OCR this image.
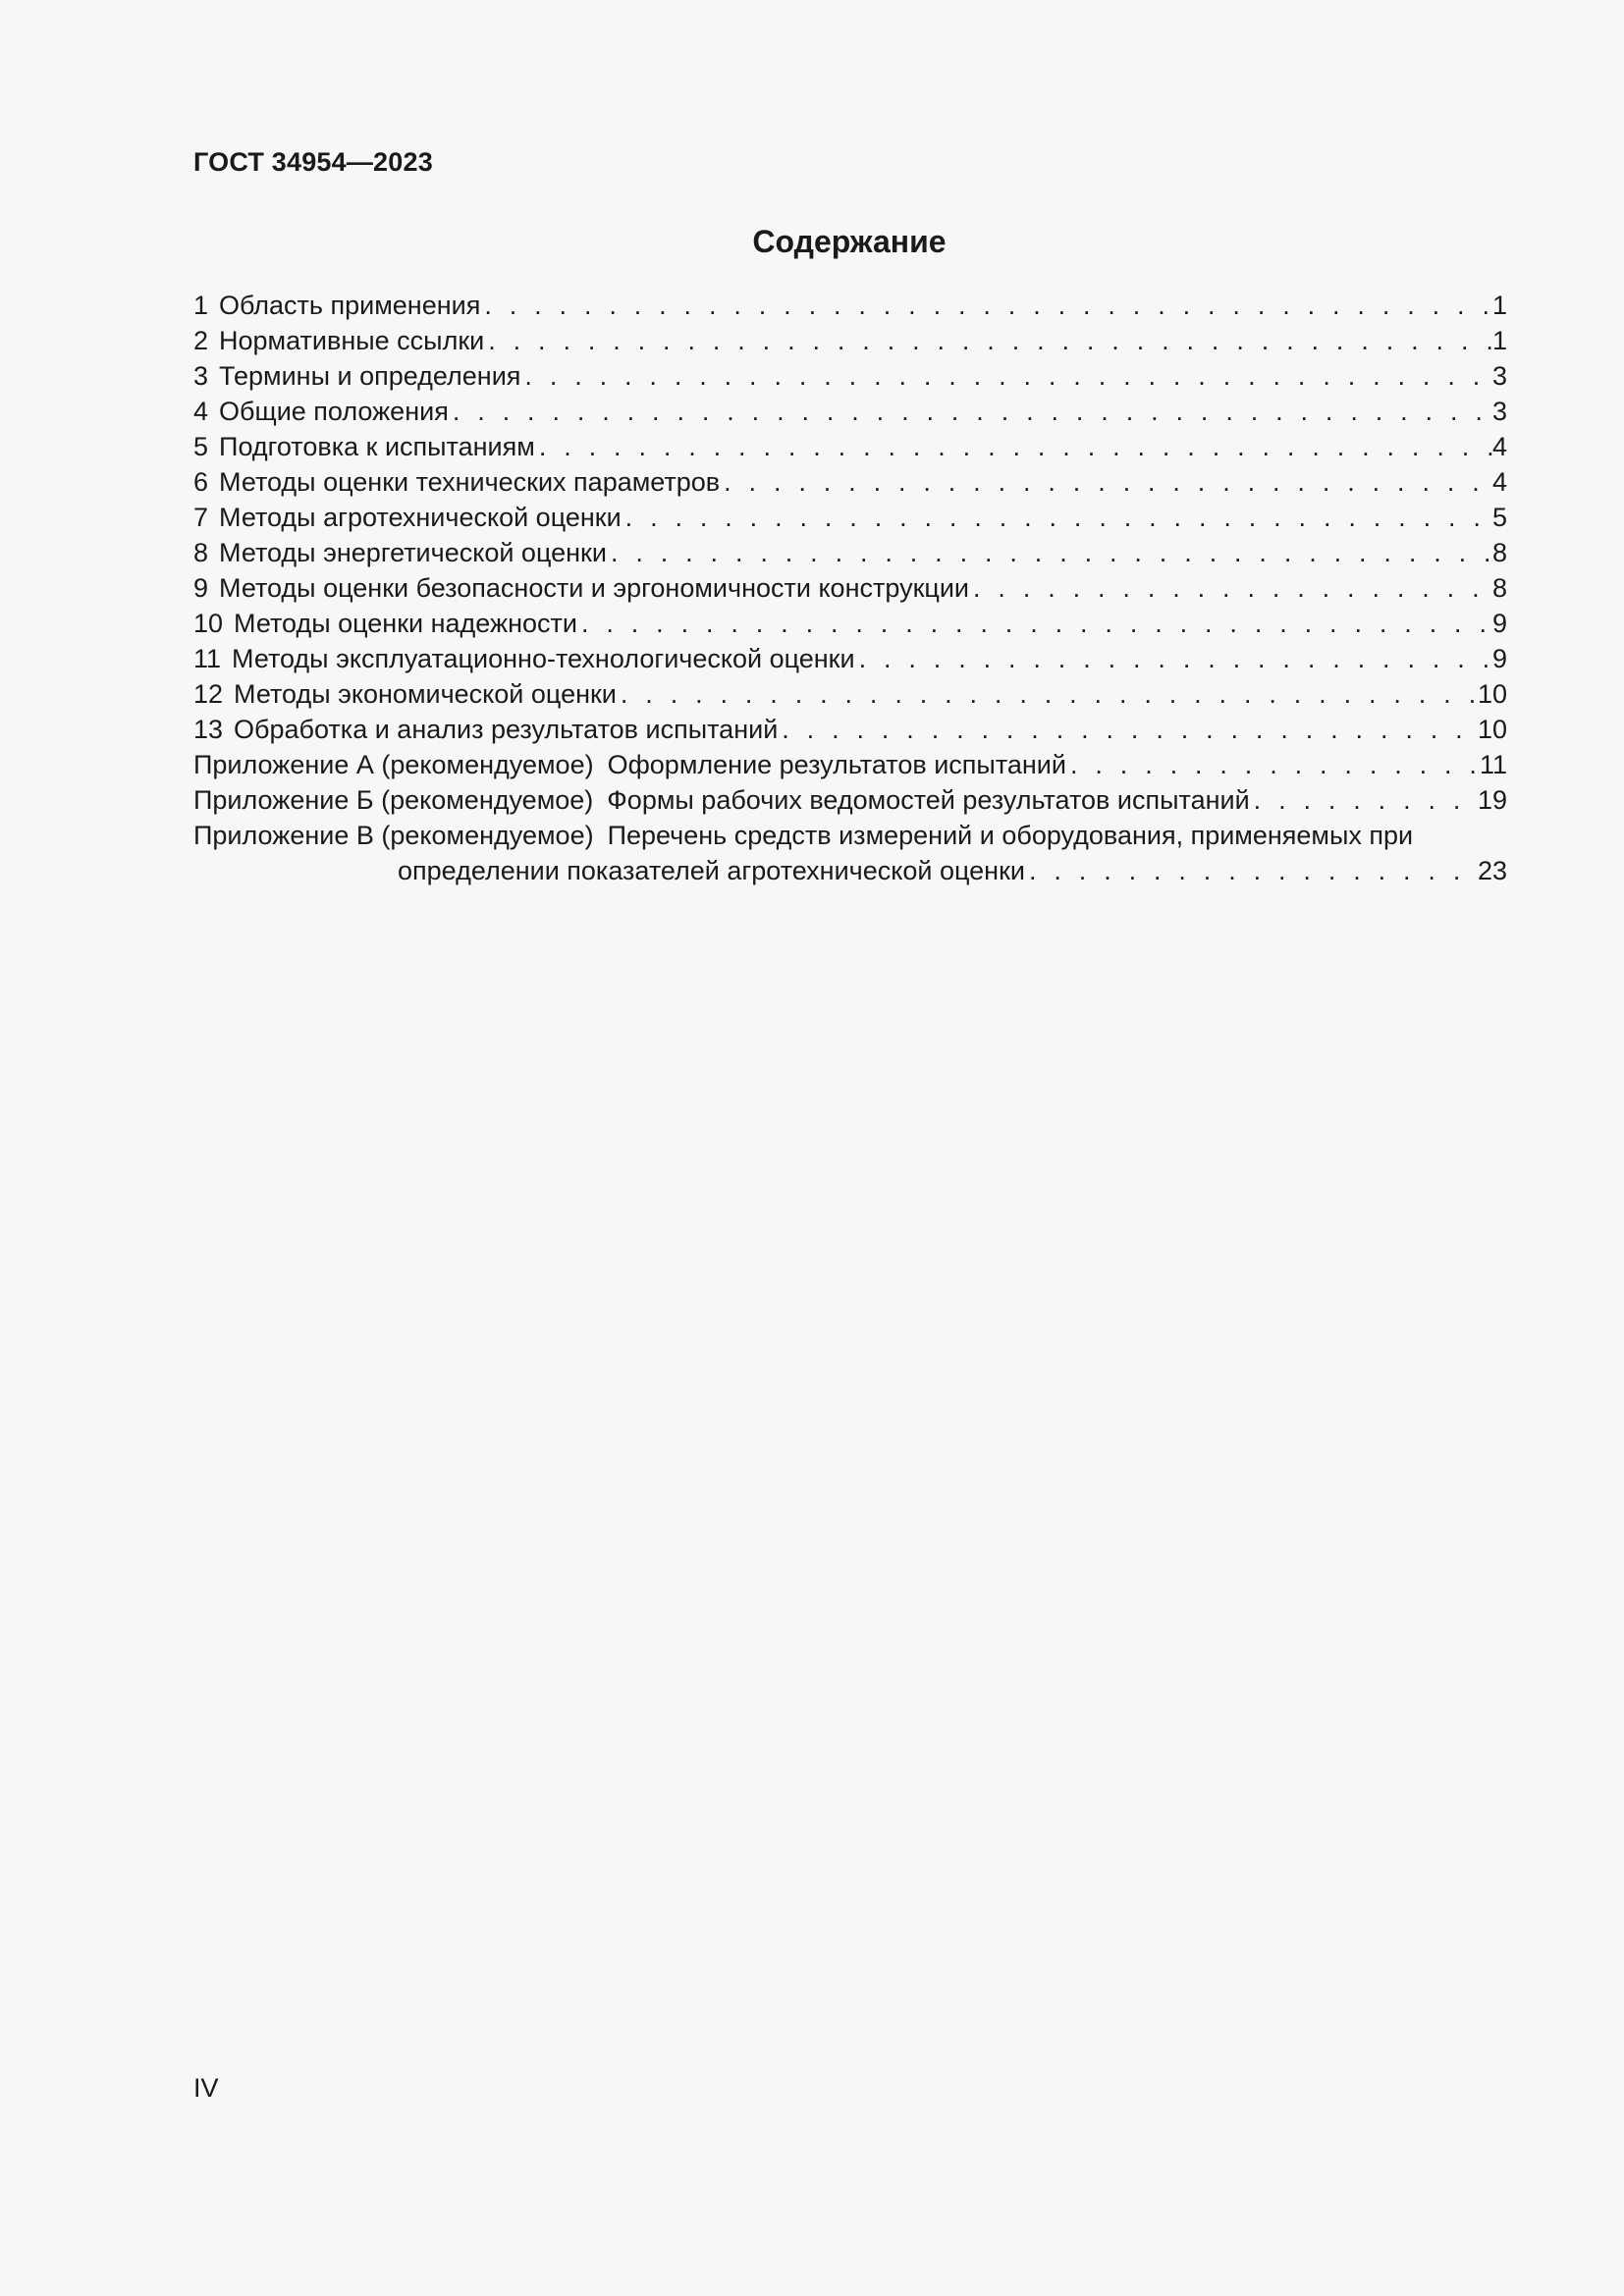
ГОСТ 34954—2023
Содержание
1 Область применения . . .	1
2 Нормативные ссылки . . .	1
3 Термины и определения . . .	3
4 Общие положения . . .	3
5 Подготовка к испытаниям . . .	4
6 Методы оценки технических параметров . . .	4
7 Методы агротехнической оценки . . .	5
8 Методы энергетической оценки . . .	8
9 Методы оценки безопасности и эргономичности конструкции . . .	8
10 Методы оценки надежности . . .	9
11 Методы эксплуатационно-технологической оценки . . .	9
12 Методы экономической оценки . . .	10
13 Обработка и анализ результатов испытаний . . .	10
Приложение А (рекомендуемое) Оформление результатов испытаний . . .	11
Приложение Б (рекомендуемое) Формы рабочих ведомостей результатов испытаний . . .	19
Приложение В (рекомендуемое) Перечень средств измерений и оборудования, применяемых при
определении показателей агротехнической оценки . . .	23
IV
